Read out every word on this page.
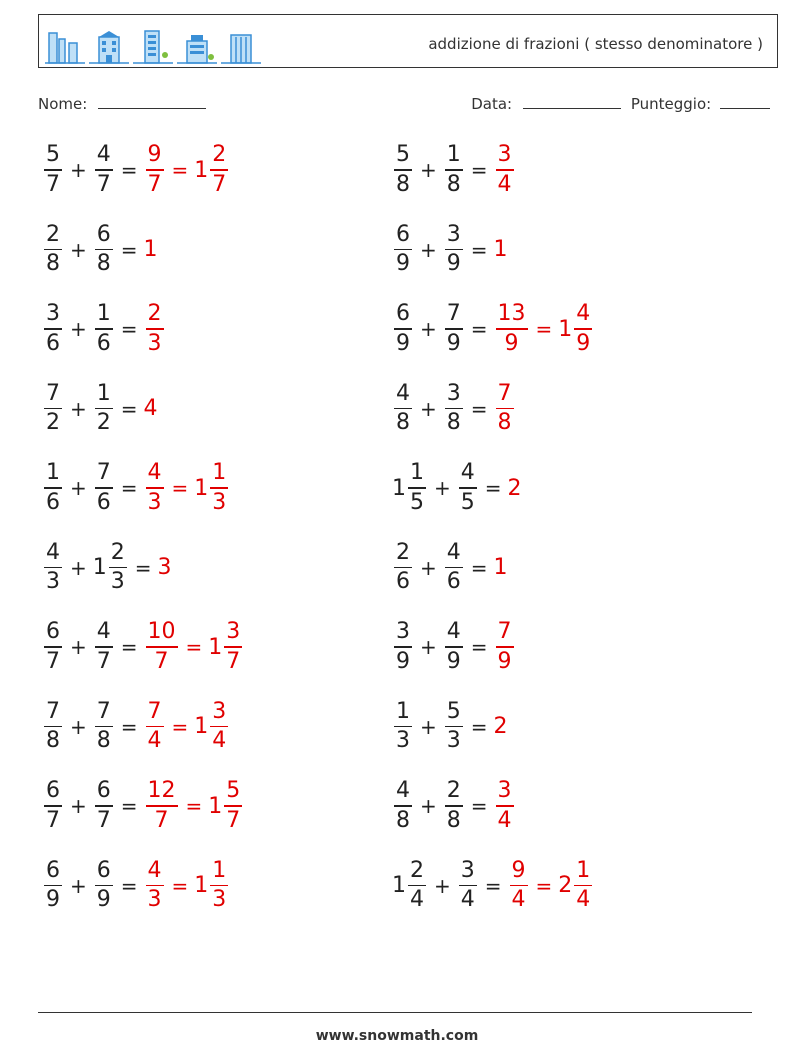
addizione di frazioni ( stesso denominatore )
Nome:	Data:	Punteggio:
$\frac{5}{7} + \frac{4}{7} = \frac{9}{7} = 1 \frac{2}{7}$	$\frac{5}{8} + \frac{1}{8} = \frac{3}{4}$
$\frac{2}{8} + \frac{6}{8} = 1$	$\frac{6}{9} + \frac{3}{9} = 1$
$\frac{3}{6} + \frac{1}{6} = \frac{2}{3}$	$\frac{6}{9} + \frac{7}{9} = \frac{13}{9} = 1 \frac{4}{9}$
$\frac{7}{2} + \frac{1}{2} = 4$	$\frac{4}{8} + \frac{3}{8} = \frac{7}{8}$
$\frac{1}{6} + \frac{7}{6} = \frac{4}{3} = 1 \frac{1}{3}$	$1 \frac{1}{5} + \frac{4}{5} = 2$
$\frac{4}{3} + 1 \frac{2}{3} = 3$	$\frac{2}{6} + \frac{4}{6} = 1$
$\frac{6}{7} + \frac{4}{7} = \frac{10}{7} = 1 \frac{3}{7}$	$\frac{3}{9} + \frac{4}{9} = \frac{7}{9}$
$\frac{7}{8} + \frac{7}{8} = \frac{7}{4} = 1 \frac{3}{4}$	$\frac{1}{3} + \frac{5}{3} = 2$
$\frac{6}{7} + \frac{6}{7} = \frac{12}{7} = 1 \frac{5}{7}$	$\frac{4}{8} + \frac{2}{8} = \frac{3}{4}$
$\frac{6}{9} + \frac{6}{9} = \frac{4}{3} = 1 \frac{1}{3}$	$1 \frac{2}{4} + \frac{3}{4} = \frac{9}{4} = 2 \frac{1}{4}$
www.snowmath.com
